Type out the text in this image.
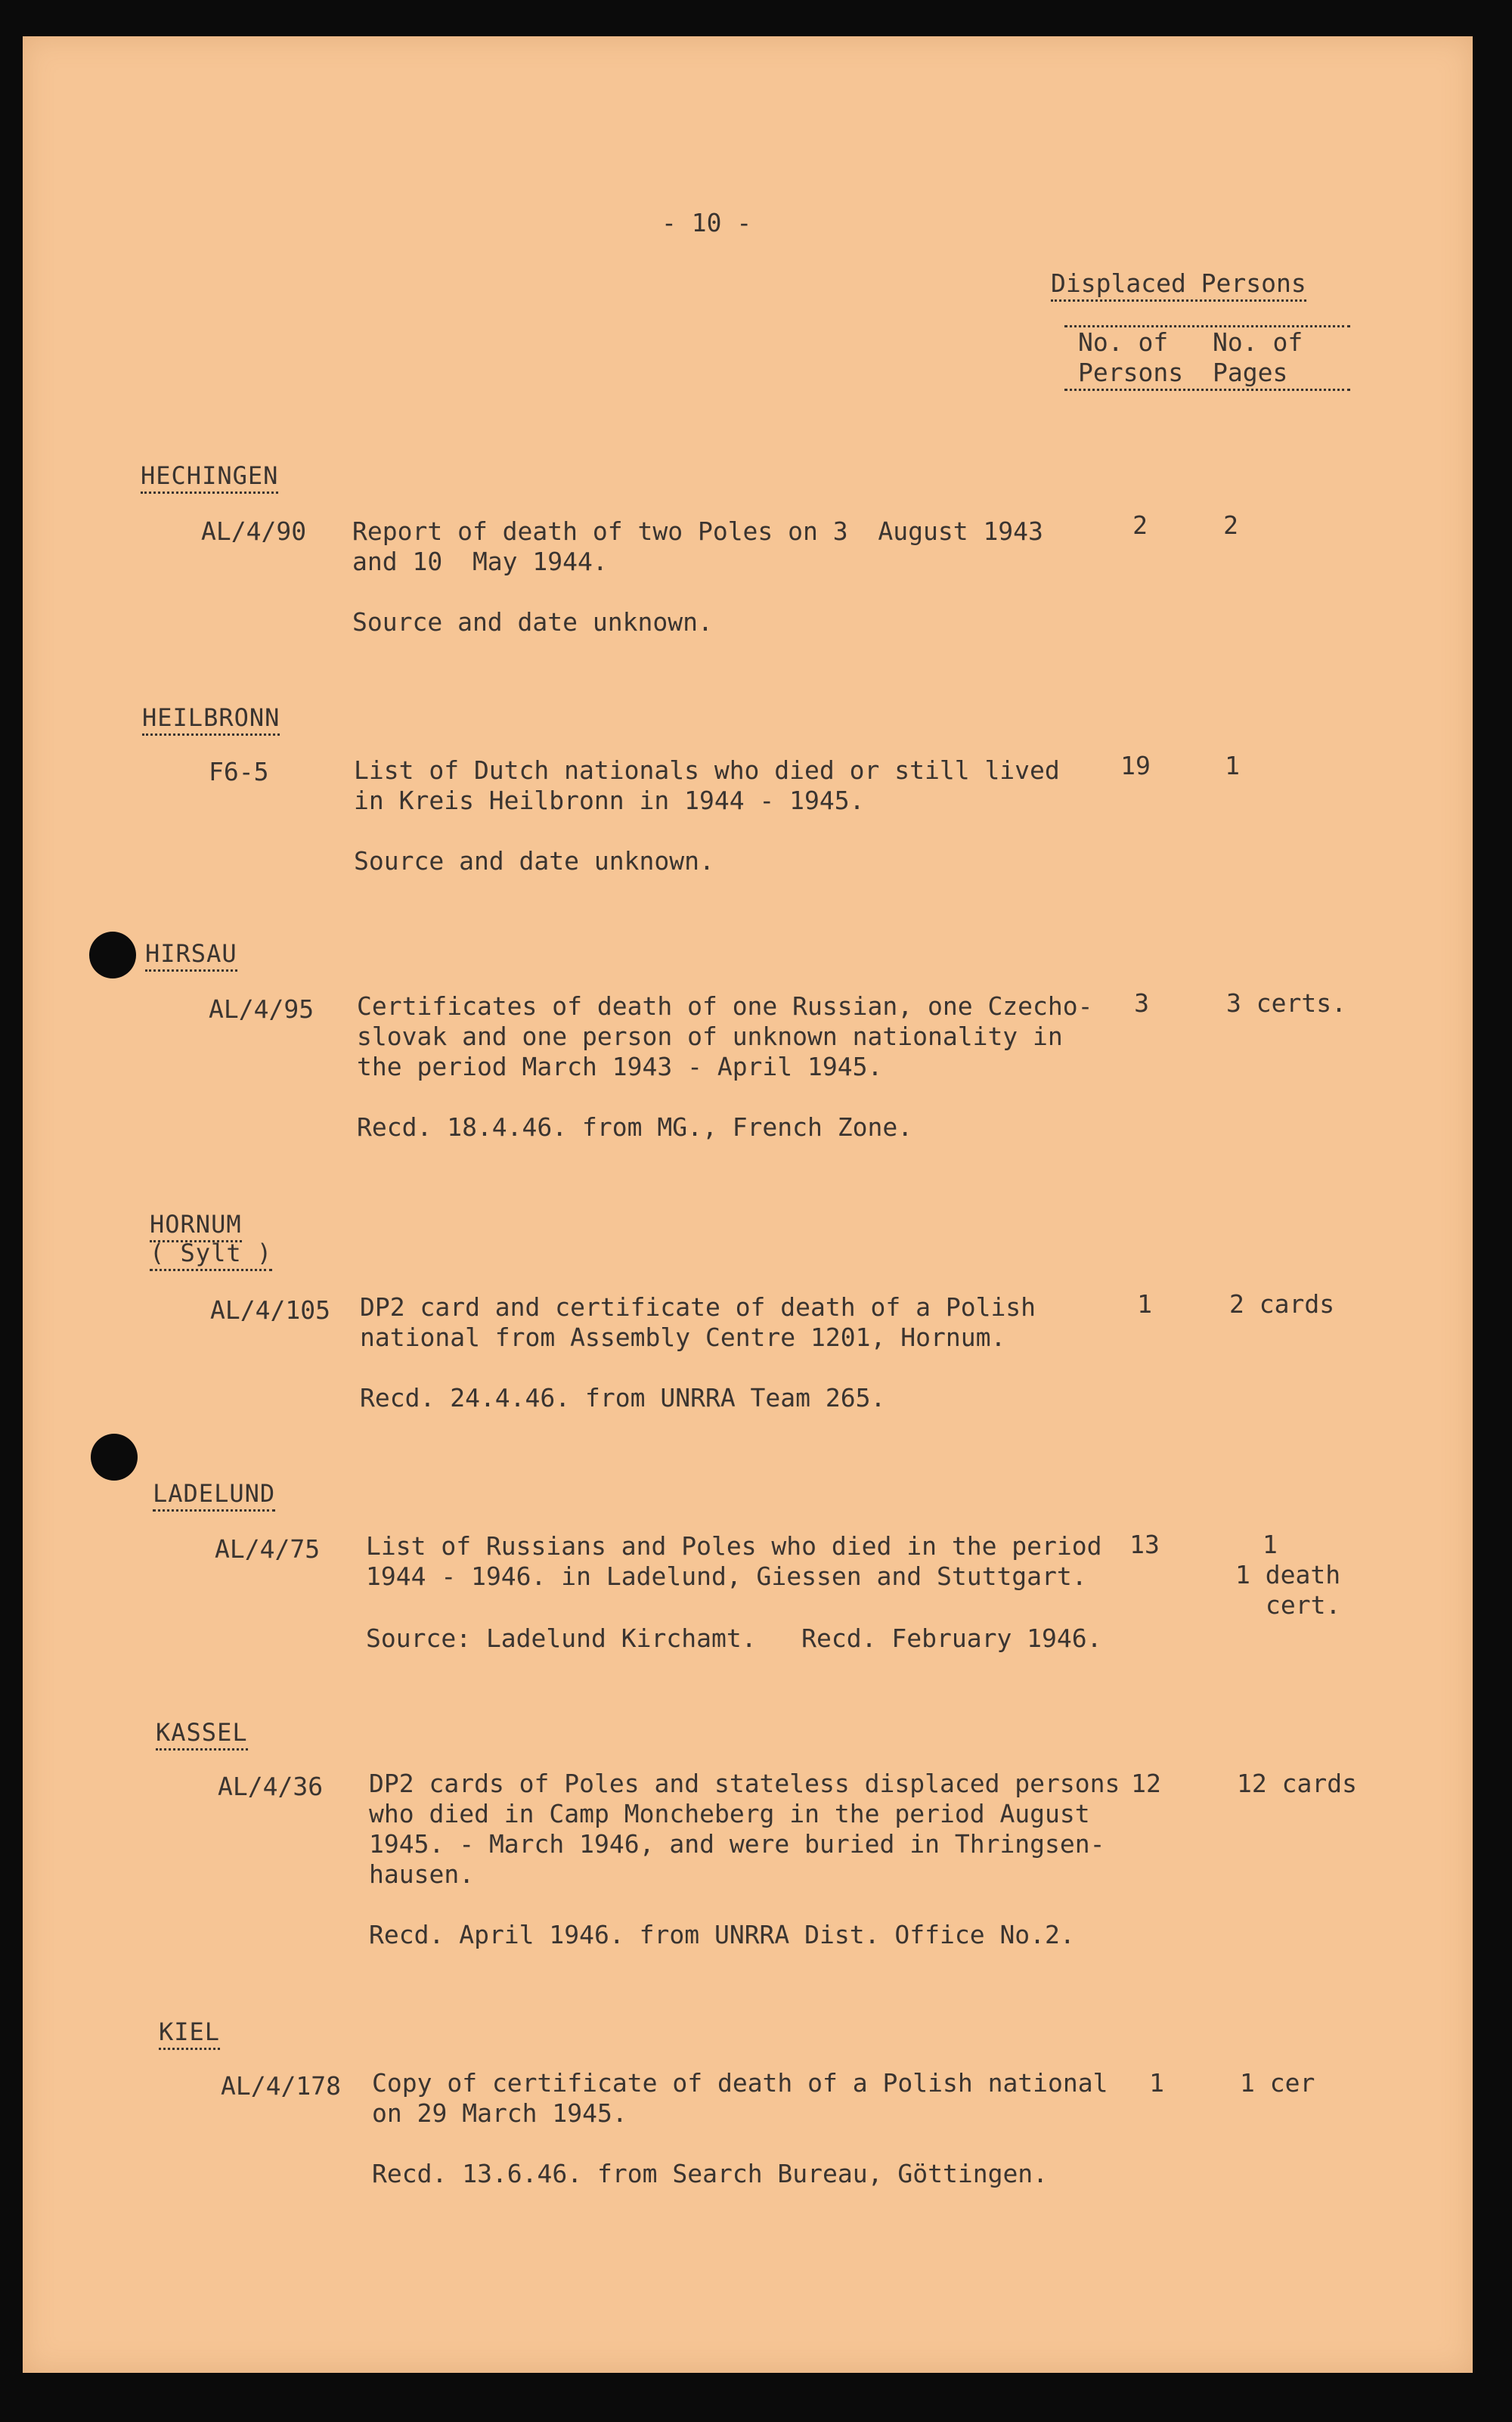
- 10 -
Displaced Persons
No. of
Persons
No. of
Pages
HECHINGEN
AL/4/90 Report of death of two Poles on 3  August 1943
and 10  May 1944.
Source and date unknown.
2	2
HEILBRONN
F6-5	List of Dutch nationals who died or still lived
in Kreis Heilbronn in 1944 - 1945.
Source and date unknown.
19	1
HIRSAU
AL/4/95 Certificates of death of one Russian, one Czecho-
slovak and one person of unknown nationality in
the period March 1943 - April 1945.
Recd. 18.4.46. from MG., French Zone.
3	3 certs.
HORNUM
( Sylt )
AL/4/105 DP2 card and certificate of death of a Polish
national from Assembly Centre 1201, Hornum.
Recd. 24.4.46. from UNRRA Team 265.
1	2 cards
LADELUND
AL/4/75 List of Russians and Poles who died in the period
1944 - 1946. in Ladelund, Giessen and Stuttgart.
Source: Ladelund Kirchamt.   Recd. February 1946.
13	1
1 death
cert.
KASSEL
AL/4/36 DP2 cards of Poles and stateless displaced persons
who died in Camp Moncheberg in the period August
1945. - March 1946, and were buried in Thringsen-
hausen.
Recd. April 1946. from UNRRA Dist. Office No.2.
12	12 cards
KIEL
AL/4/178 Copy of certificate of death of a Polish national
on 29 March 1945.
Recd. 13.6.46. from Search Bureau, Göttingen.
1	1 cer
